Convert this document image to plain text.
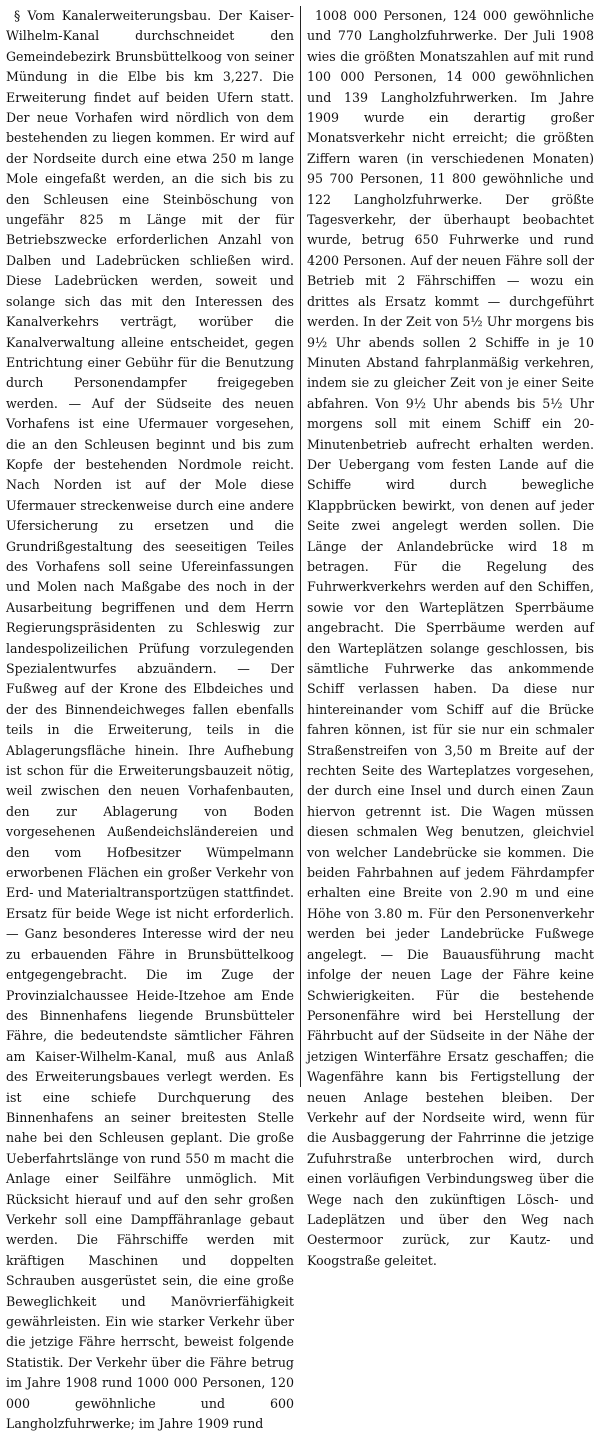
§ Vom Kanalerweiterungsbau. Der Kaiser-Wilhelm-Kanal durchschneidet den Gemeindebezirk Brunsbüttelkoog von seiner Mündung in die Elbe bis km 3,227. Die Erweiterung findet auf beiden Ufern statt. Der neue Vorhafen wird nördlich von dem bestehenden zu liegen kommen. Er wird auf der Nordseite durch eine etwa 250 m lange Mole eingefaßt werden, an die sich bis zu den Schleusen eine Steinböschung von ungefähr 825 m Länge mit der für Betriebszwecke erforderlichen Anzahl von Dalben und Ladebrücken schließen wird. Diese Ladebrücken werden, soweit und solange sich das mit den Interessen des Kanalverkehrs verträgt, worüber die Kanalverwaltung alleine entscheidet, gegen Entrichtung einer Gebühr für die Benutzung durch Personendampfer freigegeben werden. — Auf der Südseite des neuen Vorhafens ist eine Ufermauer vorgesehen, die an den Schleusen beginnt und bis zum Kopfe der bestehenden Nordmole reicht. Nach Norden ist auf der Mole diese Ufermauer streckenweise durch eine andere Ufersicherung zu ersetzen und die Grundrißgestaltung des seeseitigen Teiles des Vorhafens soll seine Ufereinfassungen und Molen nach Maßgabe des noch in der Ausarbeitung begriffenen und dem Herrn Regierungspräsidenten zu Schleswig zur landespolizeilichen Prüfung vorzulegenden Spezialentwurfes abzuändern. — Der Fußweg auf der Krone des Elbdeiches und der des Binnendeichweges fallen ebenfalls teils in die Erweiterung, teils in die Ablagerungsfläche hinein. Ihre Aufhebung ist schon für die Erweiterungsbauzeit nötig, weil zwischen den neuen Vorhafenbauten, den zur Ablagerung von Boden vorgesehenen Außendeichsländereien und den vom Hofbesitzer Wümpelmann erworbenen Flächen ein großer Verkehr von Erd- und Materialtransportzügen stattfindet. Ersatz für beide Wege ist nicht erforderlich. — Ganz besonderes Interesse wird der neu zu erbauenden Fähre in Brunsbüttelkoog entgegengebracht. Die im Zuge der Provinzialchaussee Heide-Itzehoe am Ende des Binnenhafens liegende Brunsbütteler Fähre, die bedeutendste sämtlicher Fähren am Kaiser-Wilhelm-Kanal, muß aus Anlaß des Erweiterungsbaues verlegt werden. Es ist eine schiefe Durchquerung des Binnenhafens an seiner breitesten Stelle nahe bei den Schleusen geplant. Die große Ueberfahrtslänge von rund 550 m macht die Anlage einer Seilfähre unmöglich. Mit Rücksicht hierauf und auf den sehr großen Verkehr soll eine Dampffähranlage gebaut werden. Die Fährschiffe werden mit kräftigen Maschinen und doppelten Schrauben ausgerüstet sein, die eine große Beweglichkeit und Manövrierfähigkeit gewährleisten. Ein wie starker Verkehr über die jetzige Fähre herrscht, beweist folgende Statistik. Der Verkehr über die Fähre betrug im Jahre 1908 rund 1000 000 Personen, 120 000 gewöhnliche und 600 Langholzfuhrwerke; im Jahre 1909 rund

1008 000 Personen, 124 000 gewöhnliche und 770 Langholzfuhrwerke. Der Juli 1908 wies die größten Monatszahlen auf mit rund 100 000 Personen, 14 000 gewöhnlichen und 139 Langholzfuhrwerken. Im Jahre 1909 wurde ein derartig großer Monatsverkehr nicht erreicht; die größten Ziffern waren (in verschiedenen Monaten) 95 700 Personen, 11 800 gewöhnliche und 122 Langholzfuhrwerke. Der größte Tagesverkehr, der überhaupt beobachtet wurde, betrug 650 Fuhrwerke und rund 4200 Personen. Auf der neuen Fähre soll der Betrieb mit 2 Fährschiffen — wozu ein drittes als Ersatz kommt — durchgeführt werden. In der Zeit von 5½ Uhr morgens bis 9½ Uhr abends sollen 2 Schiffe in je 10 Minuten Abstand fahrplanmäßig verkehren, indem sie zu gleicher Zeit von je einer Seite abfahren. Von 9½ Uhr abends bis 5½ Uhr morgens soll mit einem Schiff ein 20-Minutenbetrieb aufrecht erhalten werden. Der Uebergang vom festen Lande auf die Schiffe wird durch bewegliche Klappbrücken bewirkt, von denen auf jeder Seite zwei angelegt werden sollen. Die Länge der Anlandebrücke wird 18 m betragen. Für die Regelung des Fuhrwerkverkehrs werden auf den Schiffen, sowie vor den Warteplätzen Sperrbäume angebracht. Die Sperrbäume werden auf den Warteplätzen solange geschlossen, bis sämtliche Fuhrwerke das ankommende Schiff verlassen haben. Da diese nur hintereinander vom Schiff auf die Brücke fahren können, ist für sie nur ein schmaler Straßenstreifen von 3,50 m Breite auf der rechten Seite des Warteplatzes vorgesehen, der durch eine Insel und durch einen Zaun hiervon getrennt ist. Die Wagen müssen diesen schmalen Weg benutzen, gleichviel von welcher Landebrücke sie kommen. Die beiden Fahrbahnen auf jedem Fährdampfer erhalten eine Breite von 2.90 m und eine Höhe von 3.80 m. Für den Personenverkehr werden bei jeder Landebrücke Fußwege angelegt. — Die Bauausführung macht infolge der neuen Lage der Fähre keine Schwierigkeiten. Für die bestehende Personenfähre wird bei Herstellung der Fährbucht auf der Südseite in der Nähe der jetzigen Winterfähre Ersatz geschaffen; die Wagenfähre kann bis Fertigstellung der neuen Anlage bestehen bleiben. Der Verkehr auf der Nordseite wird, wenn für die Ausbaggerung der Fahrrinne die jetzige Zufuhrstraße unterbrochen wird, durch einen vorläufigen Verbindungsweg über die Wege nach den zukünftigen Lösch- und Ladeplätzen und über den Weg nach Oestermoor zurück, zur Kautz- und Koogstraße geleitet.
